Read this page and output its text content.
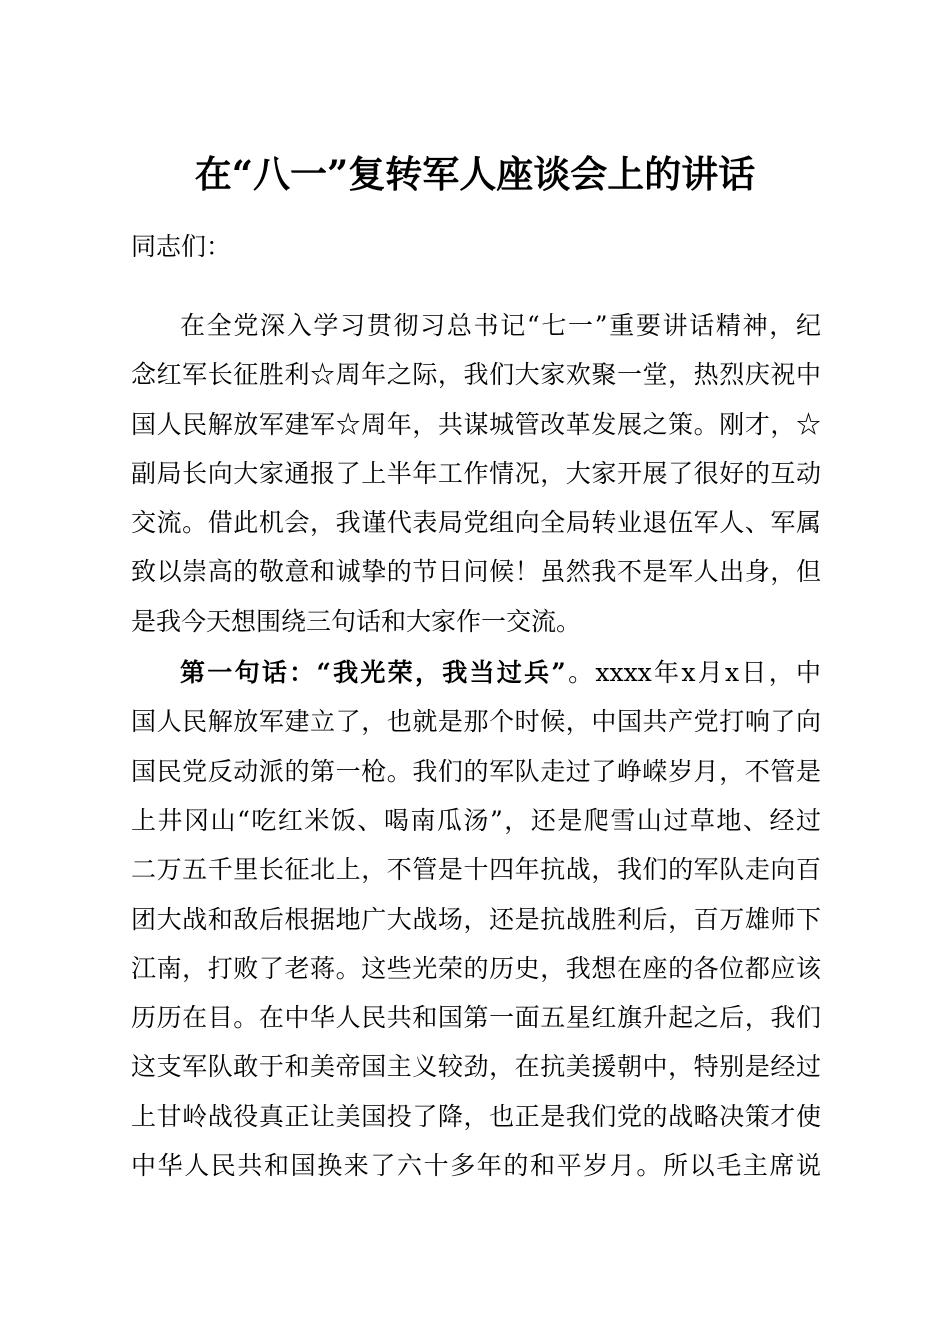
在“八一”复转军人座谈会上的讲话
同志们：
在全党深入学习贯彻习总书记“七一”重要讲话精神，纪
念红军长征胜利☆周年之际，我们大家欢聚一堂，热烈庆祝中
国人民解放军建军☆周年，共谋城管改革发展之策。刚才，☆
副局长向大家通报了上半年工作情况，大家开展了很好的互动
交流。借此机会，我谨代表局党组向全局转业退伍军人、军属
致以崇高的敬意和诚挚的节日问候！虽然我不是军人出身，但
是我今天想围绕三句话和大家作一交流。
第一句话：“我光荣，我当过兵”。xxxx年x月x日，中
国人民解放军建立了，也就是那个时候，中国共产党打响了向
国民党反动派的第一枪。我们的军队走过了峥嵘岁月，不管是
上井冈山“吃红米饭、喝南瓜汤”，还是爬雪山过草地、经过
二万五千里长征北上，不管是十四年抗战，我们的军队走向百
团大战和敌后根据地广大战场，还是抗战胜利后，百万雄师下
江南，打败了老蒋。这些光荣的历史，我想在座的各位都应该
历历在目。在中华人民共和国第一面五星红旗升起之后，我们
这支军队敢于和美帝国主义较劲，在抗美援朝中，特别是经过
上甘岭战役真正让美国投了降，也正是我们党的战略决策才使
中华人民共和国换来了六十多年的和平岁月。所以毛主席说
